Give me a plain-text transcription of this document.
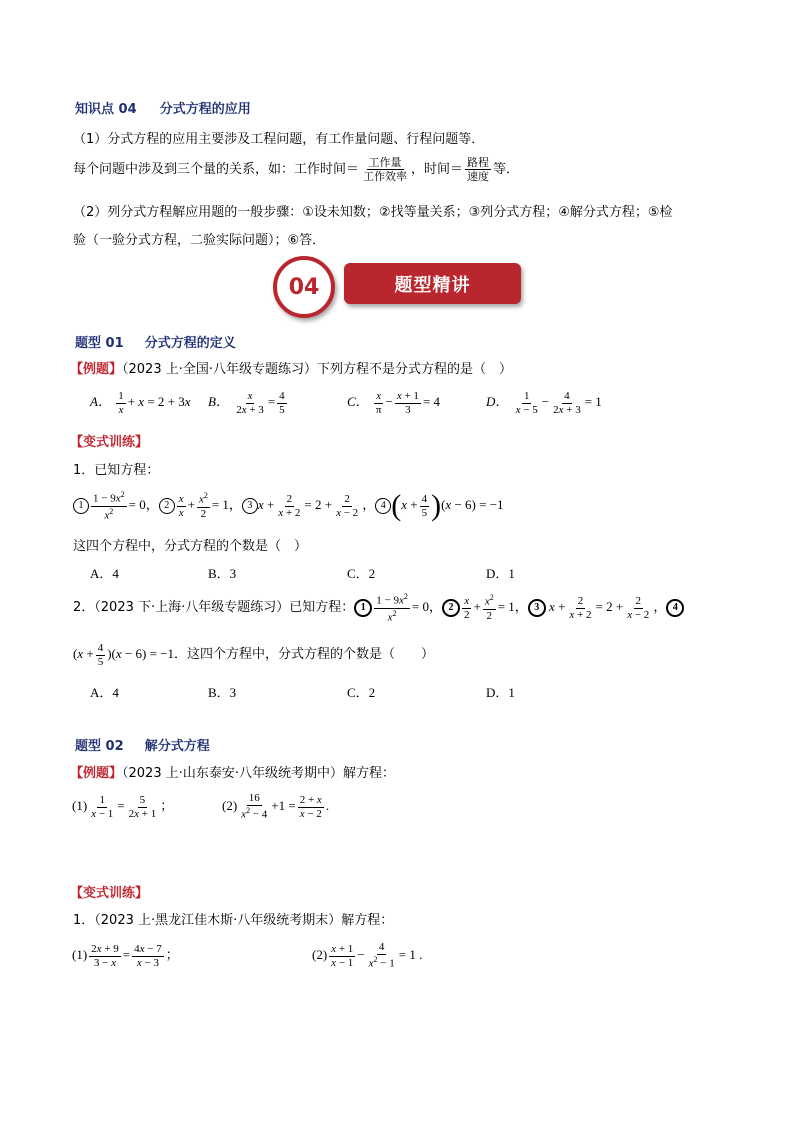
知识点 04 分式方程的应用
（1）分式方程的应用主要涉及工程问题，有工作量问题、行程问题等．
每个问题中涉及到三个量的关系，如：工作时间＝ $\frac{\text{工作量}}{\text{工作效率}}$ ，时间＝ $\frac{\text{路程}}{\text{速度}}$ 等．
（2）列分式方程解应用题的一般步骤：①设未知数；②找等量关系；③列分式方程；④解分式方程；⑤检
验（一验分式方程，二验实际问题）；⑥答．
题型精讲
04
题型 01 分式方程的定义
【例题】（2023 上·全国·八年级专题练习）下列方程不是分式方程的是（　）
A． $\frac{1}{x} + x = 2 + 3x$ B． $\frac{x}{2x + 3} = \frac{4}{5}$	C． $\frac{x}{\pi} - \frac{x + 1}{3} = 4$	D． $\frac{1}{x - 5} - \frac{4}{2x + 3} = 1$
【变式训练】
1．已知方程：
$1 \frac{1 - 9x^2}{x^2} = 0$， $2 \frac{x}{x} + \frac{x^2}{2} = 1$， 3 $x + \frac{2}{x + 2} = 2 + \frac{2}{x - 2}$ ， 4 $(x + \frac{4}{5} )(x - 6) = -1$
这四个方程中，分式方程的个数是（　）
A．4	B．3	C．2	D．1
2．（2023 下·上海·八年级专题练习）已知方程： $1 \frac{1 - 9x^2}{x^2} = 0$， $2 \frac{x}{2} + \frac{x^2}{2} = 1$， 3 $x + \frac{2}{x + 2} = 2 + \frac{2}{x - 2}$ ， 4
$(x + \frac{4}{5} )(x - 6) = -1$．这四个方程中，分式方程的个数是（　　）
A．4	B．3	C．2	D．1
题型 02 解分式方程
【例题】（2023 上·山东泰安·八年级统考期中）解方程：
$(1) \frac{1}{x - 1} = \frac{5}{2x + 1}$ ；	$(2) \frac{16}{x^2 - 4} +1 = \frac{2 + x}{x - 2}$ .
【变式训练】
1．（2023 上·黑龙江佳木斯·八年级统考期末）解方程：
$(1) \frac{2x + 9}{3 - x} = \frac{4x - 7}{x - 3}$ ；	$(2) \frac{x + 1}{x - 1} - \frac{4}{x^2 - 1} = 1$ .
